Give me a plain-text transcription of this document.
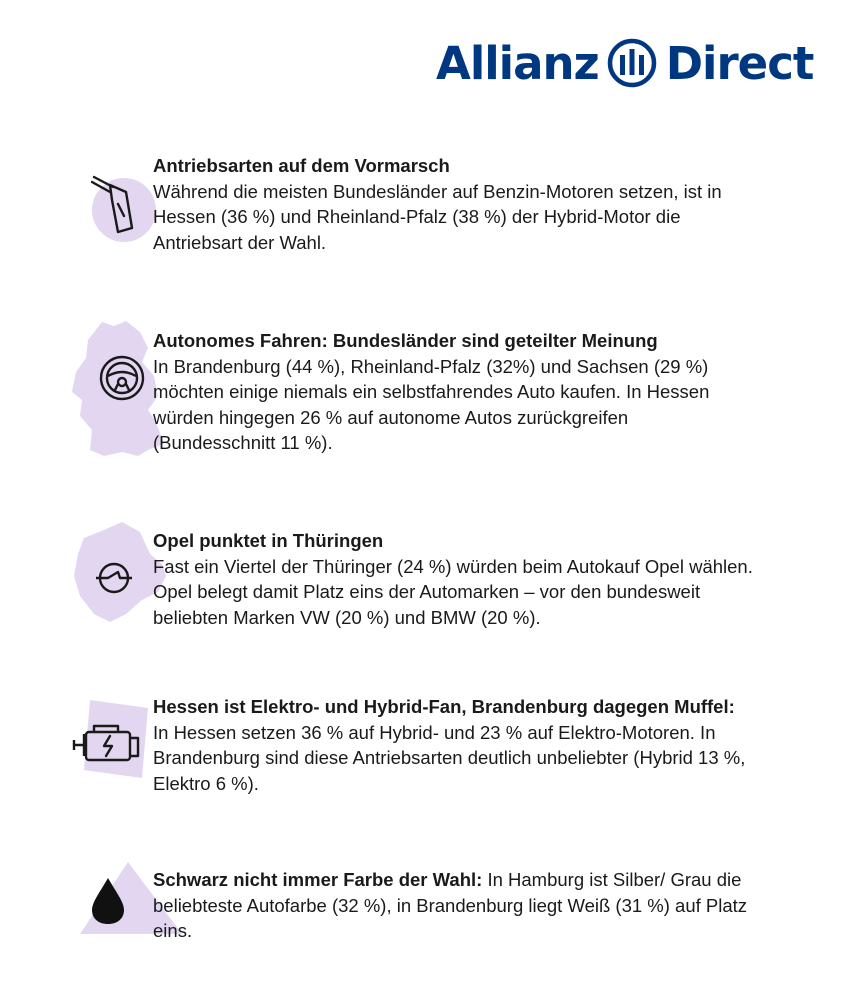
Allianz Direct
Antriebsarten auf dem Vormarsch
Während die meisten Bundesländer auf Benzin-Motoren setzen, ist in Hessen (36 %) und Rheinland-Pfalz (38 %) der Hybrid-Motor die Antriebsart der Wahl.
Autonomes Fahren: Bundesländer sind geteilter Meinung
In Brandenburg (44 %), Rheinland-Pfalz (32%) und Sachsen (29 %) möchten einige niemals ein selbstfahrendes Auto kaufen. In Hessen würden hingegen 26 % auf autonome Autos zurückgreifen (Bundesschnitt 11 %).
Opel punktet in Thüringen
Fast ein Viertel der Thüringer (24 %) würden beim Autokauf Opel wählen. Opel belegt damit Platz eins der Automarken – vor den bundesweit beliebten Marken VW (20 %) und BMW (20 %).
Hessen ist Elektro- und Hybrid-Fan, Brandenburg dagegen Muffel: In Hessen setzen 36 % auf Hybrid- und 23 % auf Elektro-Motoren. In Brandenburg sind diese Antriebsarten deutlich unbeliebter (Hybrid 13 %, Elektro 6 %).
Schwarz nicht immer Farbe der Wahl: In Hamburg ist Silber/ Grau die beliebteste Autofarbe (32 %), in Brandenburg liegt Weiß (31 %) auf Platz eins.
